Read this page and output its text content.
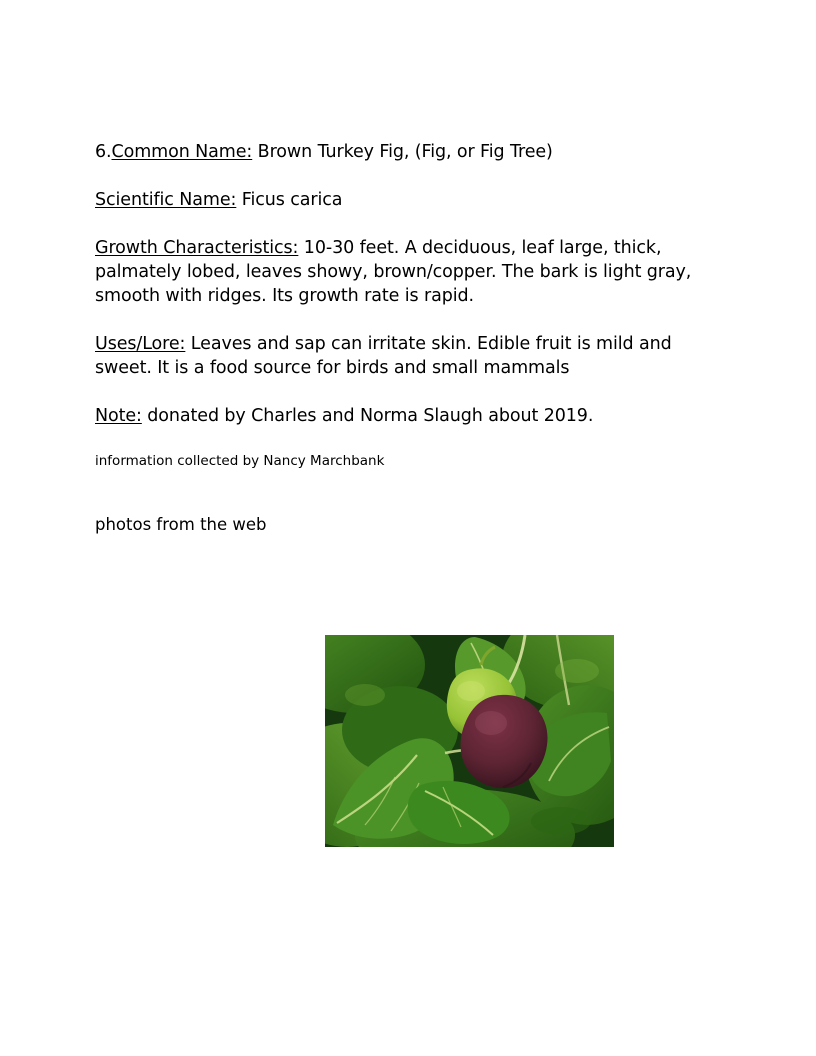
6.Common Name: Brown Turkey Fig, (Fig, or Fig Tree)

Scientific Name: Ficus carica

Growth Characteristics: 10-30 feet. A deciduous, leaf large, thick, palmately lobed, leaves showy, brown/copper. The bark is light gray, smooth with ridges. Its growth rate is rapid.

Uses/Lore: Leaves and sap can irritate skin. Edible fruit is mild and sweet. It is a food source for birds and small mammals

Note: donated by Charles and Norma Slaugh about 2019.

information collected by Nancy Marchbank

photos from the web
